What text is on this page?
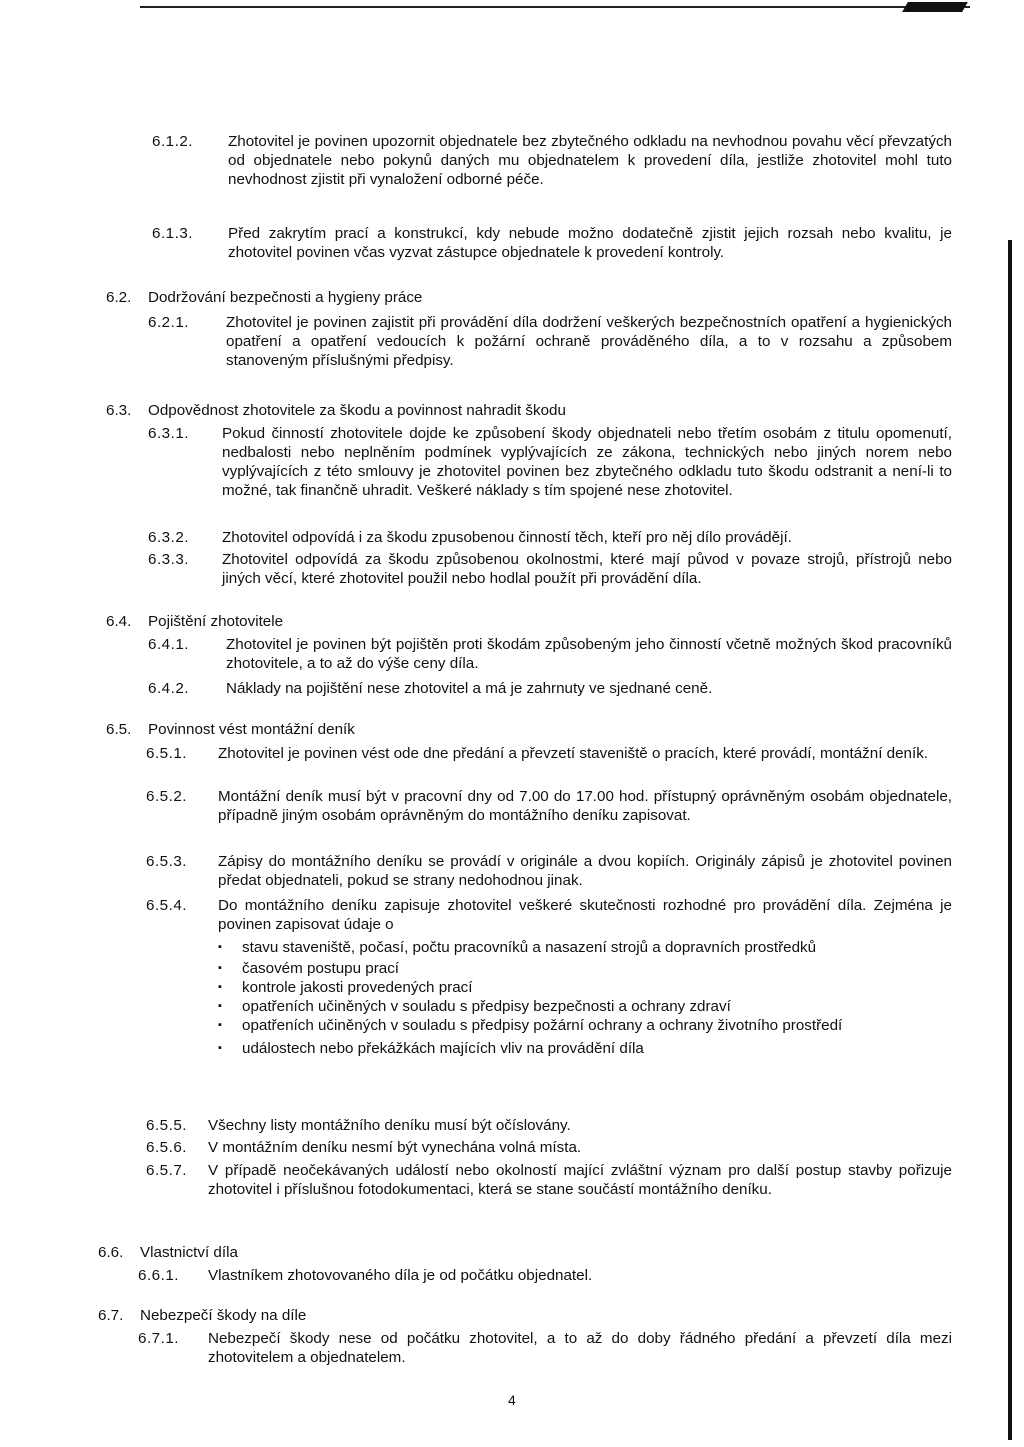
6.1.2.	Zhotovitel je povinen upozornit objednatele bez zbytečného odkladu na nevhodnou povahu věcí převzatých od objednatele nebo pokynů daných mu objednatelem k provedení díla, jestliže zhotovitel mohl tuto nevhodnost zjistit při vynaložení odborné péče.
6.1.3.	Před zakrytím prací a konstrukcí, kdy nebude možno dodatečně zjistit jejich rozsah nebo kvalitu, je zhotovitel povinen včas vyzvat zástupce objednatele k provedení kontroly.
6.2. Dodržování bezpečnosti a hygieny práce
6.2.1.	Zhotovitel je povinen zajistit při provádění díla dodržení veškerých bezpečnostních opatření a hygienických opatření a opatření vedoucích k požární ochraně prováděného díla, a to v rozsahu a způsobem stanoveným příslušnými předpisy.
6.3. Odpovědnost zhotovitele za škodu a povinnost nahradit škodu
6.3.1.	Pokud činností zhotovitele dojde ke způsobení škody objednateli nebo třetím osobám z titulu opomenutí, nedbalosti nebo neplněním podmínek vyplývajících ze zákona, technických nebo jiných norem nebo vyplývajících z této smlouvy je zhotovitel povinen bez zbytečného odkladu tuto škodu odstranit a není-li to možné, tak finančně uhradit. Veškeré náklady s tím spojené nese zhotovitel.
6.3.2.	Zhotovitel odpovídá i za škodu zpusobenou činností těch, kteří pro něj dílo provádějí.
6.3.3.	Zhotovitel odpovídá za škodu způsobenou okolnostmi, které mají původ v povaze strojů, přístrojů nebo jiných věcí, které zhotovitel použil nebo hodlal použít při provádění díla.
6.4. Pojištění zhotovitele
6.4.1.	Zhotovitel je povinen být pojištěn proti škodám způsobeným jeho činností včetně možných škod pracovníků zhotovitele, a to až do výše ceny díla.
6.4.2.	Náklady na pojištění nese zhotovitel a má je zahrnuty ve sjednané ceně.
6.5. Povinnost vést montážní deník
6.5.1.	Zhotovitel je povinen vést ode dne předání a převzetí staveniště o pracích, které provádí, montážní deník.
6.5.2.	Montážní deník musí být v pracovní dny od 7.00 do 17.00 hod. přístupný oprávněným osobám objednatele, případně jiným osobám oprávněným do montážního deníku zapisovat.
6.5.3.	Zápisy do montážního deníku se provádí v originále a dvou kopiích. Originály zápisů je zhotovitel povinen předat objednateli, pokud se strany nedohodnou jinak.
6.5.4.	Do montážního deníku zapisuje zhotovitel veškeré skutečnosti rozhodné pro provádění díla. Zejména je povinen zapisovat údaje o
▪ stavu staveniště, počasí, počtu pracovníků a nasazení strojů a dopravních prostředků
▪ časovém postupu prací
▪ kontrole jakosti provedených prací
▪ opatřeních učiněných v souladu s předpisy bezpečnosti a ochrany zdraví
▪ opatřeních učiněných v souladu s předpisy požární ochrany a ochrany životního prostředí
▪ událostech nebo překážkách majících vliv na provádění díla
6.5.5.	Všechny listy montážního deníku musí být očíslovány.
6.5.6.	V montážním deníku nesmí být vynechána volná místa.
6.5.7.	V případě neočekávaných událostí nebo okolností mající zvláštní význam pro další postup stavby pořizuje zhotovitel i příslušnou fotodokumentaci, která se stane součástí montážního deníku.
6.6. Vlastnictví díla
6.6.1.	Vlastníkem zhotovovaného díla je od počátku objednatel.
6.7. Nebezpečí škody na díle
6.7.1.	Nebezpečí škody nese od počátku zhotovitel, a to až do doby řádného předání a převzetí díla mezi zhotovitelem a objednatelem.
4
